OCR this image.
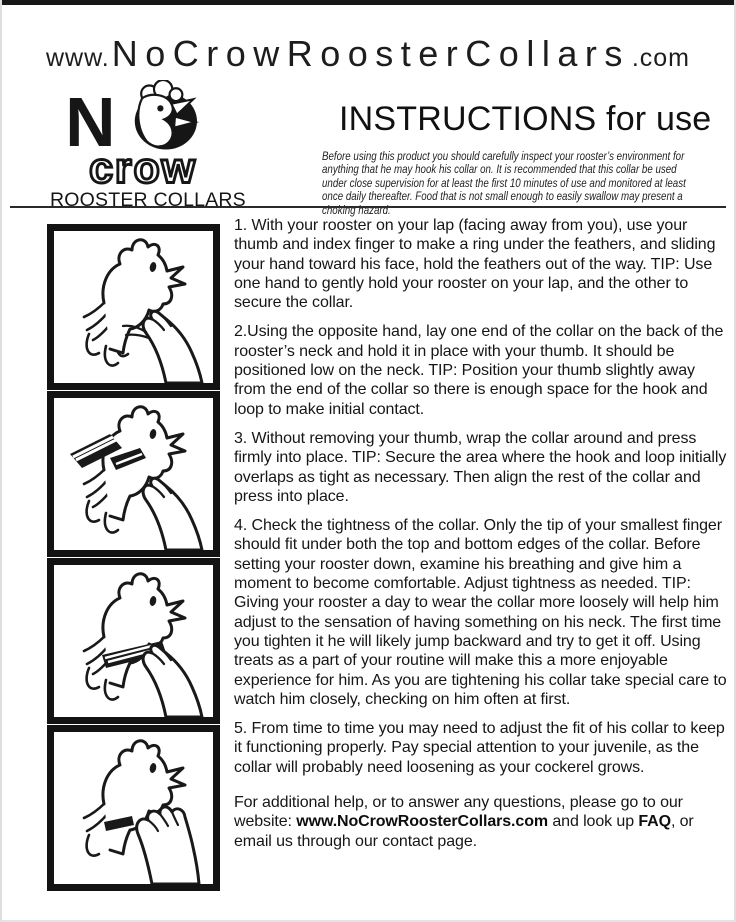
www. NoCrowRoosterCollars .com
N
crow
ROOSTER COLLARS
INSTRUCTIONS for use
Before using this product you should carefully inspect your rooster’s environment for anything that he may hook his collar on. It is recommended that this collar be used under close supervision for at least the first 10 minutes of use and monitored at least once daily thereafter. Food that is not small enough to easily swallow may present a choking hazard.

1. With your rooster on your lap (facing away from you), use your thumb and index finger to make a ring under the feathers, and sliding your hand toward his face, hold the feathers out of the way. TIP: Use one hand to gently hold your rooster on your lap, and the other to secure the collar.

2.Using the opposite hand, lay one end of the collar on the back of the rooster’s neck and hold it in place with your thumb. It should be positioned low on the neck. TIP: Position your thumb slightly away from the end of the collar so there is enough space for the hook and loop to make initial contact.

3. Without removing your thumb, wrap the collar around and press firmly into place. TIP: Secure the area where the hook and loop initially overlaps as tight as necessary. Then align the rest of the collar and press into place.

4. Check the tightness of the collar. Only the tip of your smallest finger should fit under both the top and bottom edges of the collar. Before setting your rooster down, examine his breathing and give him a moment to become comfortable. Adjust tightness as needed. TIP: Giving your rooster a day to wear the collar more loosely will help him adjust to the sensation of having something on his neck. The first time you tighten it he will likely jump backward and try to get it off. Using treats as a part of your routine will make this a more enjoyable experience for him. As you are tightening his collar take special care to watch him closely, checking on him often at first.

5. From time to time you may need to adjust the fit of his collar to keep it functioning properly. Pay special attention to your juvenile, as the collar will probably need loosening as your cockerel grows.

For additional help, or to answer any questions, please go to our website: www.NoCrowRoosterCollars.com and look up FAQ, or email us through our contact page.
